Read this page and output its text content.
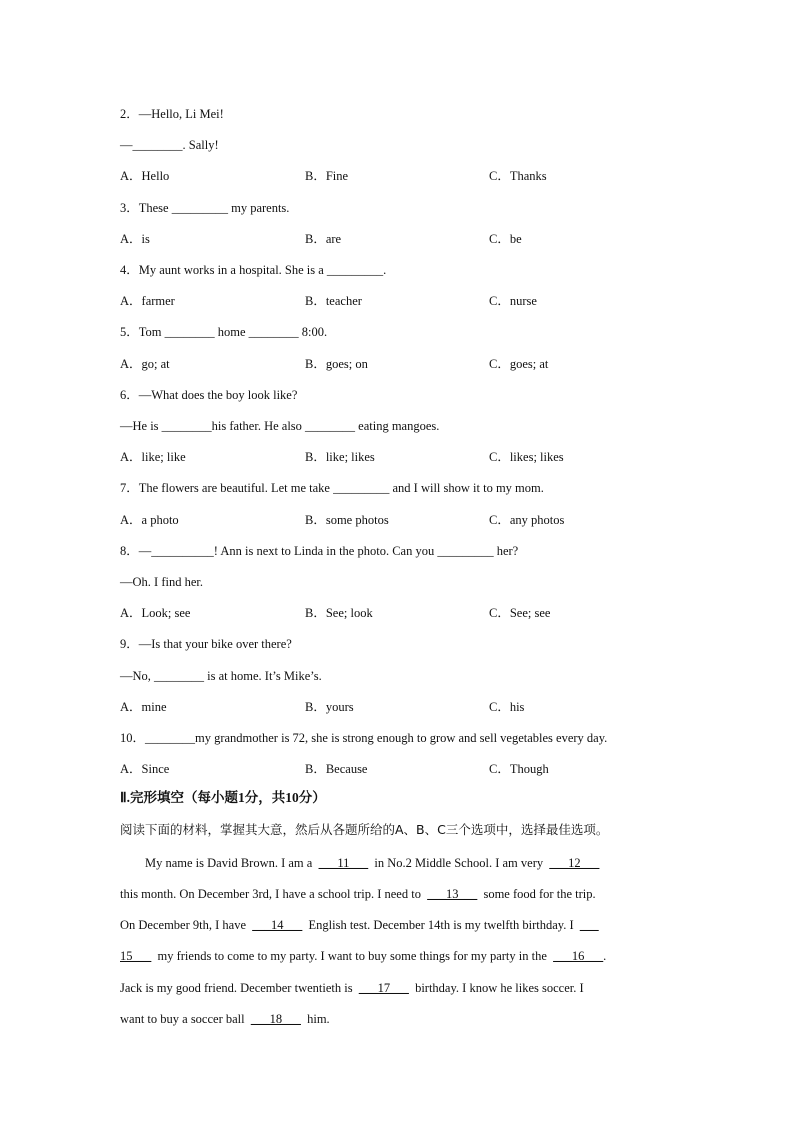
2．—Hello, Li Mei!
—________. Sally!
A．Hello	B．Fine	C．Thanks
3．These _________ my parents.
A．is	B．are	C．be
4．My aunt works in a hospital. She is a _________.
A．farmer	B．teacher	C．nurse
5．Tom ________ home ________ 8:00.
A．go; at	B．goes; on	C．goes; at
6．—What does the boy look like?
—He is ________his father. He also ________ eating mangoes.
A．like; like	B．like; likes	C．likes; likes
7．The flowers are beautiful. Let me take _________ and I will show it to my mom.
A．a photo	B．some photos	C．any photos
8．—__________! Ann is next to Linda in the photo. Can you _________ her?
—Oh. I find her.
A．Look; see	B．See; look	C．See; see
9．—Is that your bike over there?
—No, ________ is at home. It’s Mike’s.
A．mine	B．yours	C．his
10．________my grandmother is 72, she is strong enough to grow and sell vegetables every day.
A．Since	B．Because	C．Though
Ⅱ.完形填空（每小题1分，共10分）
阅读下面的材料，掌握其大意，然后从各题所给的A、B、C三个选项中，选择最佳选项。
My name is David Brown. I am a  ___11___  in No.2 Middle School. I am very  ___12___
this month. On December 3rd, I have a school trip. I need to  ___13___  some food for the trip.
On December 9th, I have  ___14___  English test. December 14th is my twelfth birthday. I  ___
15___  my friends to come to my party. I want to buy some things for my party in the  ___16___.
Jack is my good friend. December twentieth is  ___17___  birthday. I know he likes soccer. I
want to buy a soccer ball  ___18___  him.
